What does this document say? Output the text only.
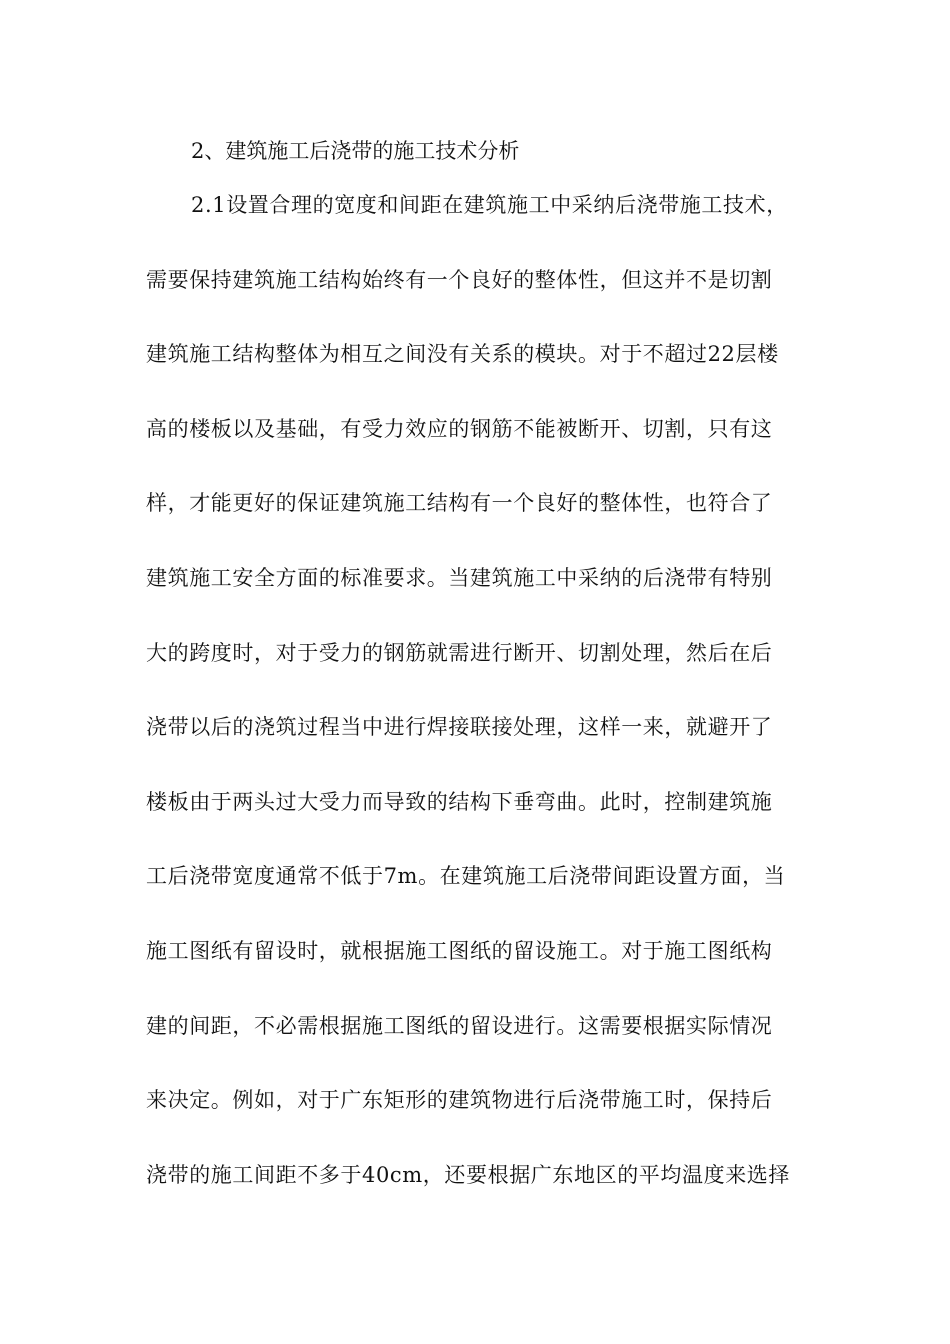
2、建筑施工后浇带的施工技术分析
2.1设置合理的宽度和间距在建筑施工中采纳后浇带施工技术，
需要保持建筑施工结构始终有一个良好的整体性，但这并不是切割
建筑施工结构整体为相互之间没有关系的模块。对于不超过22层楼
高的楼板以及基础，有受力效应的钢筋不能被断开、切割，只有这
样，才能更好的保证建筑施工结构有一个良好的整体性，也符合了
建筑施工安全方面的标准要求。当建筑施工中采纳的后浇带有特别
大的跨度时，对于受力的钢筋就需进行断开、切割处理，然后在后
浇带以后的浇筑过程当中进行焊接联接处理，这样一来，就避开了
楼板由于两头过大受力而导致的结构下垂弯曲。此时，控制建筑施
工后浇带宽度通常不低于7m。在建筑施工后浇带间距设置方面，当
施工图纸有留设时，就根据施工图纸的留设施工。对于施工图纸构
建的间距，不必需根据施工图纸的留设进行。这需要根据实际情况
来决定。例如，对于广东矩形的建筑物进行后浇带施工时，保持后
浇带的施工间距不多于40cm，还要根据广东地区的平均温度来选择
